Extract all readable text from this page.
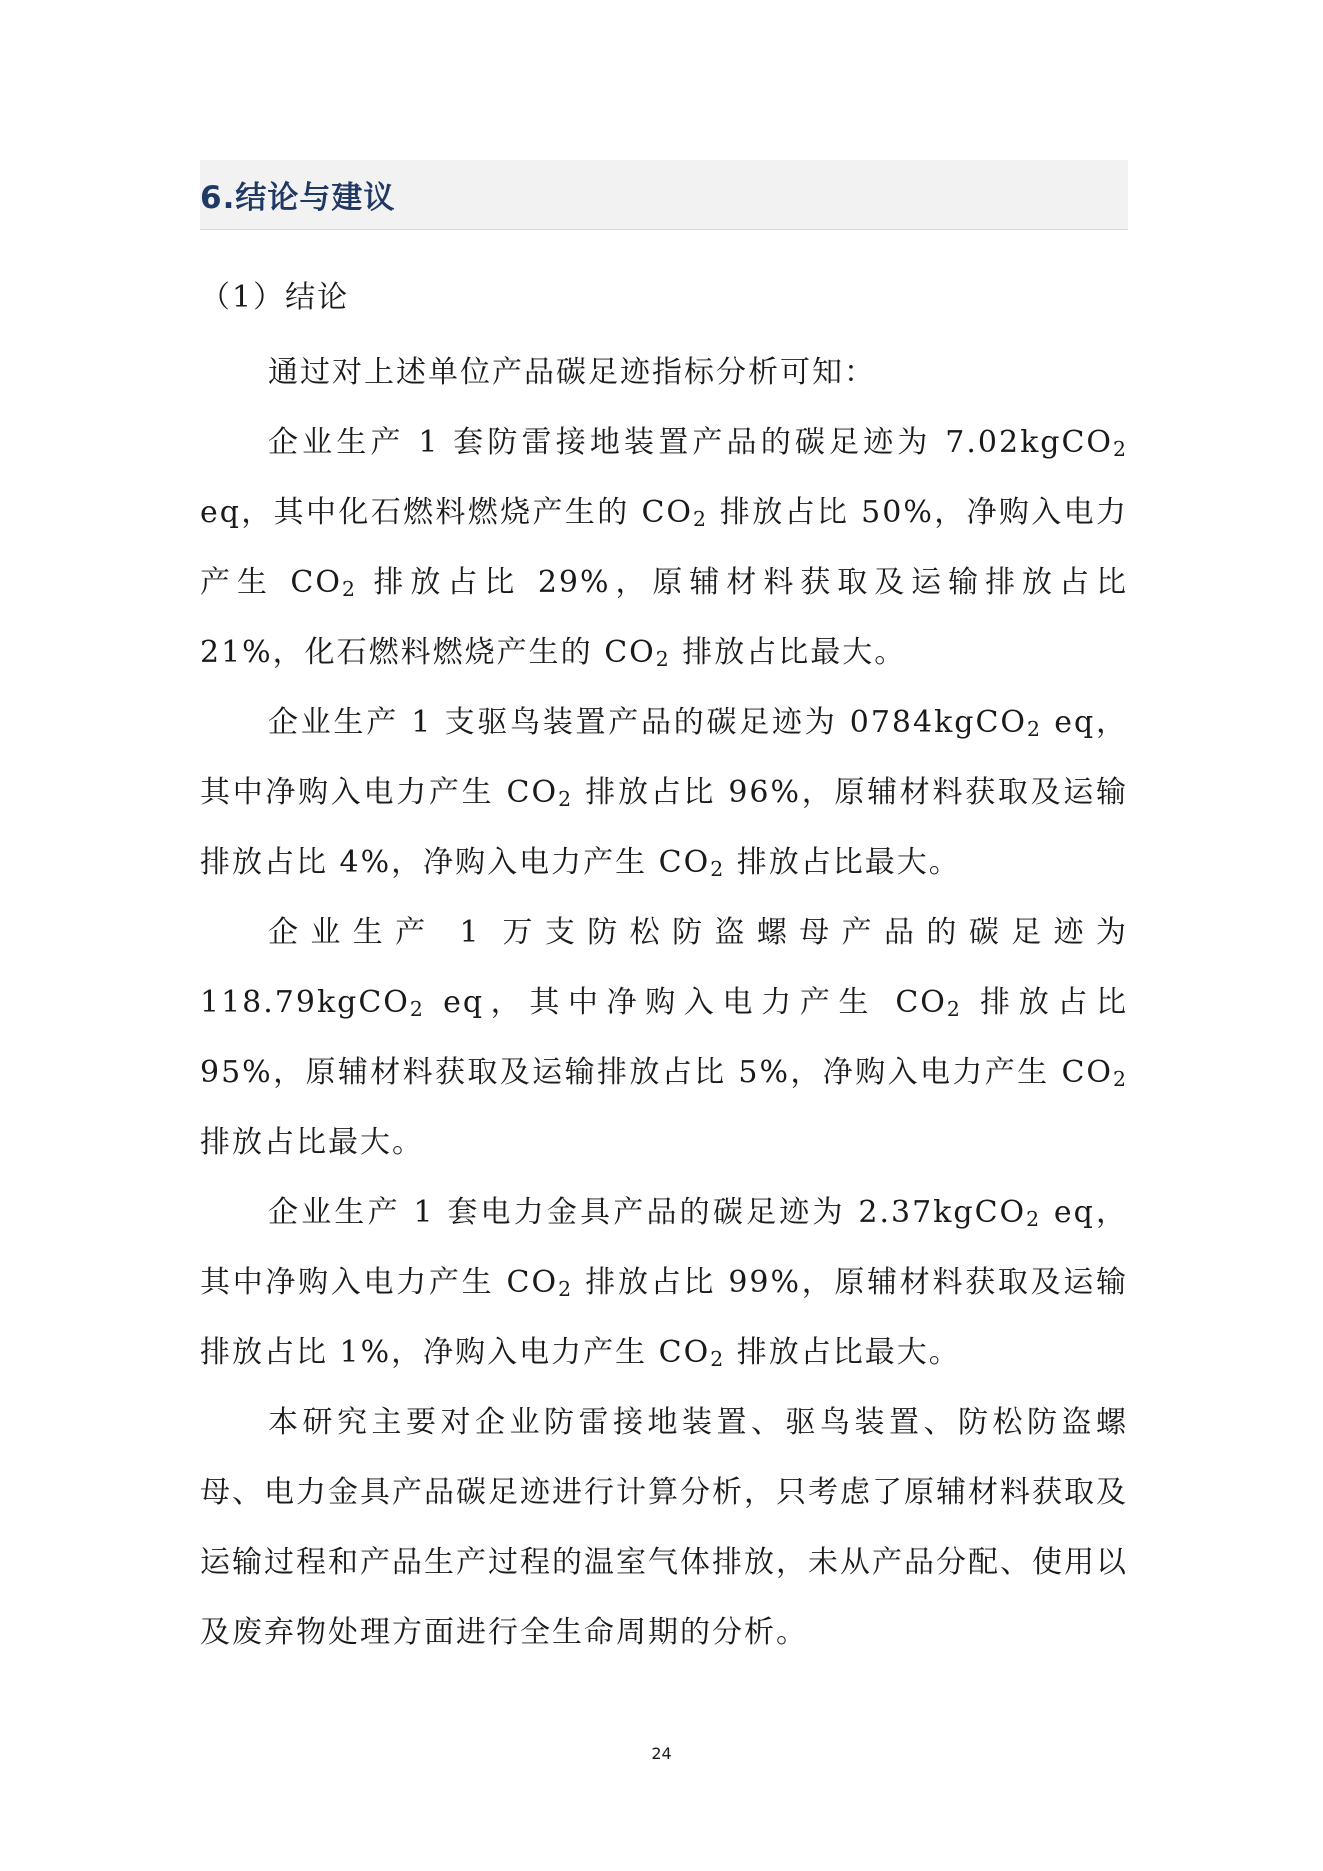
6.结论与建议
（1）结论

通过对上述单位产品碳足迹指标分析可知：

企业生产 1 套防雷接地装置产品的碳足迹为 7.02kgCO$_2$ eq，其中化石燃料燃烧产生的 $CO_2$ 排放占比 50%，净购入电力产生 $CO_2$ 排放占比 29%，原辅材料获取及运输排放占比 21%，化石燃料燃烧产生的 $CO_2$ 排放占比最大。

企业生产 1 支驱鸟装置产品的碳足迹为 0784kgCO$_2$ eq，其中净购入电力产生 $CO_2$ 排放占比 96%，原辅材料获取及运输排放占比 4%，净购入电力产生 $CO_2$ 排放占比最大。

企业生产 1 万支防松防盗螺母产品的碳足迹为 118.79kgCO$_2$ eq，其中净购入电力产生 $CO_2$ 排放占比 95%，原辅材料获取及运输排放占比 5%，净购入电力产生 $CO_2$ 排放占比最大。

企业生产 1 套电力金具产品的碳足迹为 2.37kgCO$_2$ eq，其中净购入电力产生 $CO_2$ 排放占比 99%，原辅材料获取及运输排放占比 1%，净购入电力产生 $CO_2$ 排放占比最大。

本研究主要对企业防雷接地装置、驱鸟装置、防松防盗螺母、电力金具产品碳足迹进行计算分析，只考虑了原辅材料获取及运输过程和产品生产过程的温室气体排放，未从产品分配、使用以及废弃物处理方面进行全生命周期的分析。

24
